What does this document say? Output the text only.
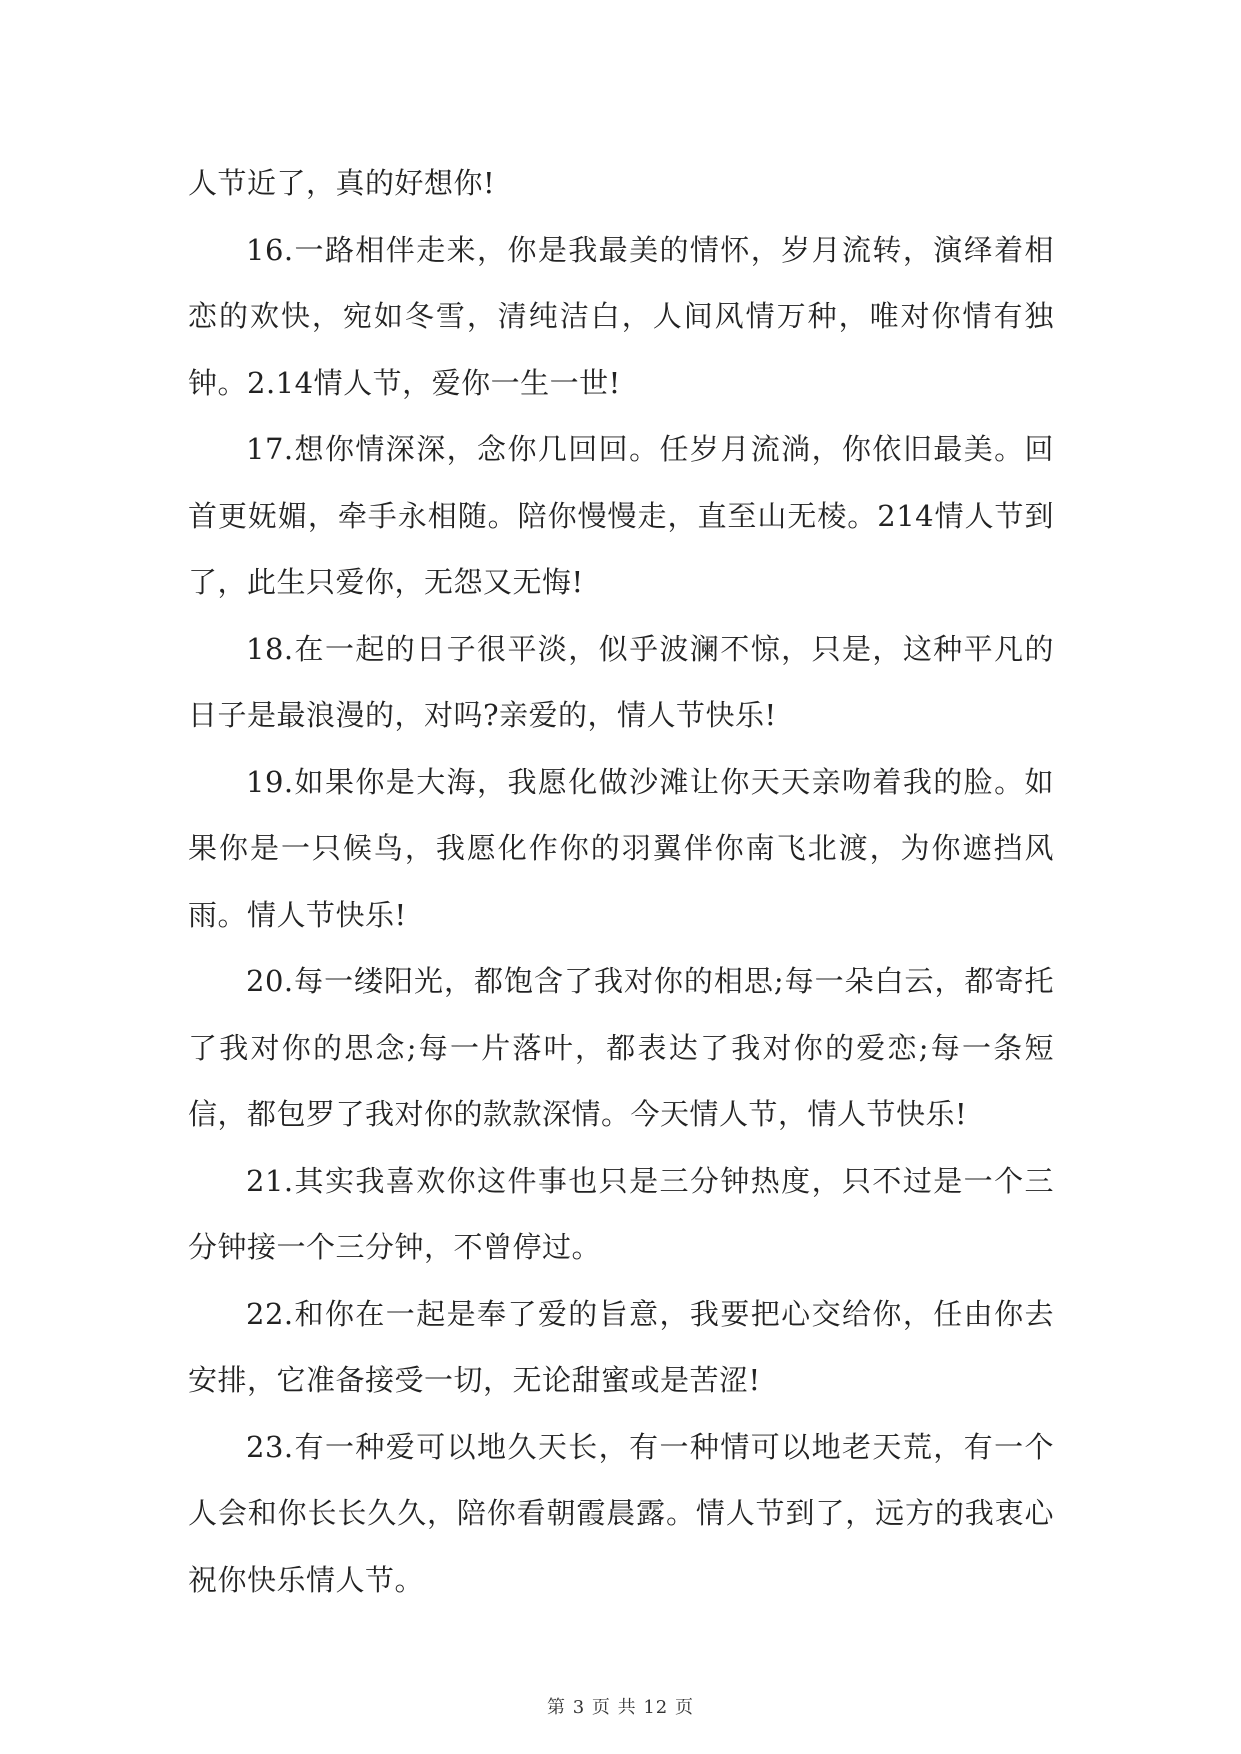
人节近了，真的好想你!

16.一路相伴走来，你是我最美的情怀，岁月流转，演绎着相恋的欢快，宛如冬雪，清纯洁白，人间风情万种，唯对你情有独钟。2.14情人节，爱你一生一世!

17.想你情深深，念你几回回。任岁月流淌，你依旧最美。回首更妩媚，牵手永相随。陪你慢慢走，直至山无棱。214情人节到了，此生只爱你，无怨又无悔!

18.在一起的日子很平淡，似乎波澜不惊，只是，这种平凡的日子是最浪漫的，对吗?亲爱的，情人节快乐!

19.如果你是大海，我愿化做沙滩让你天天亲吻着我的脸。如果你是一只候鸟，我愿化作你的羽翼伴你南飞北渡，为你遮挡风雨。情人节快乐!

20.每一缕阳光，都饱含了我对你的相思;每一朵白云，都寄托了我对你的思念;每一片落叶，都表达了我对你的爱恋;每一条短信，都包罗了我对你的款款深情。今天情人节，情人节快乐!

21.其实我喜欢你这件事也只是三分钟热度，只不过是一个三分钟接一个三分钟，不曾停过。

22.和你在一起是奉了爱的旨意，我要把心交给你，任由你去安排，它准备接受一切，无论甜蜜或是苦涩!

23.有一种爱可以地久天长，有一种情可以地老天荒，有一个人会和你长长久久，陪你看朝霞晨露。情人节到了，远方的我衷心祝你快乐情人节。

第 3 页 共 12 页
